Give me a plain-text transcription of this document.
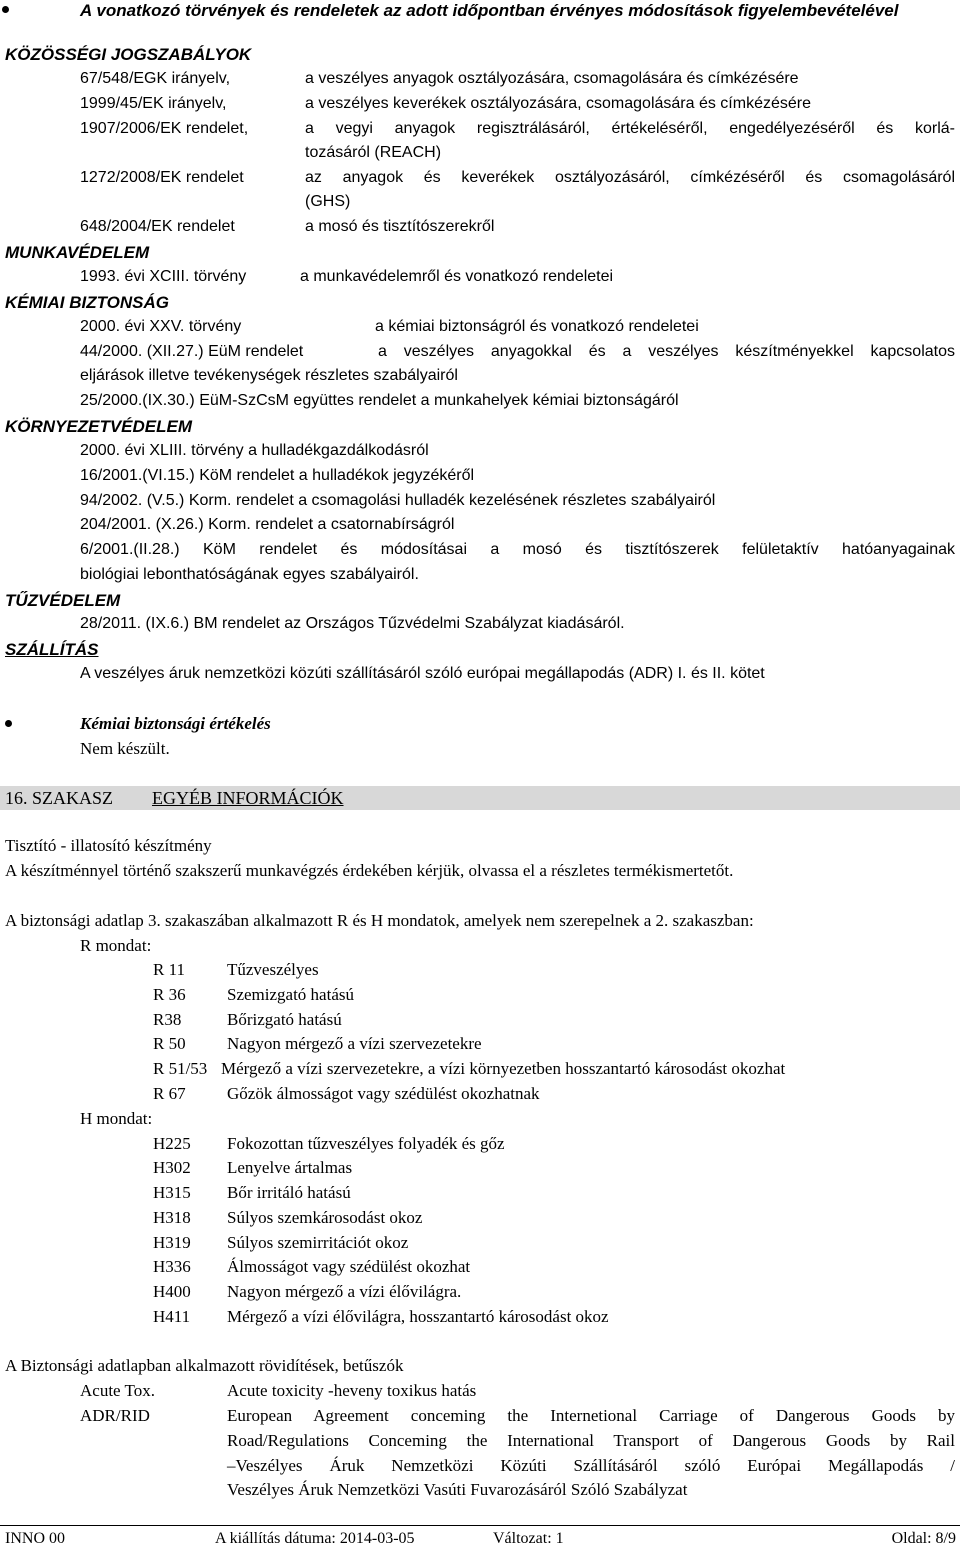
A vonatkozó törvények és rendeletek az adott időpontban érvényes módosítások figyelembevételével
KÖZÖSSÉGI JOGSZABÁLYOK
67/548/EGK irányelv,	a veszélyes anyagok osztályozására, csomagolására és címkézésére
1999/45/EK irányelv,	a veszélyes keverékek osztályozására, csomagolására és címkézésére
1907/2006/EK rendelet,	a vegyi anyagok regisztrálásáról, értékeléséről, engedélyezéséről és korlá-
tozásáról (REACH)
1272/2008/EK rendelet	az anyagok és keverékek osztályozásáról, címkézéséről és csomagolásáról
(GHS)
648/2004/EK rendelet	a mosó és tisztítószerekről
MUNKAVÉDELEM
1993. évi XCIII. törvény	a munkavédelemről és vonatkozó rendeletei
KÉMIAI BIZTONSÁG
2000. évi XXV. törvény	a kémiai biztonságról és vonatkozó rendeletei
44/2000. (XII.27.) EüM rendelet	a veszélyes anyagokkal és a veszélyes készítményekkel kapcsolatos
eljárások illetve tevékenységek részletes szabályairól
25/2000.(IX.30.) EüM-SzCsM együttes rendelet a munkahelyek kémiai biztonságáról
KÖRNYEZETVÉDELEM
2000. évi XLIII. törvény a hulladékgazdálkodásról
16/2001.(VI.15.) KöM rendelet a hulladékok jegyzékéről
94/2002. (V.5.) Korm. rendelet a csomagolási hulladék kezelésének részletes szabályairól
204/2001. (X.26.) Korm. rendelet a csatornabírságról
6/2001.(II.28.) KöM rendelet és módosításai a mosó és tisztítószerek felületaktív hatóanyagainak
biológiai lebonthatóságának egyes szabályairól.
TŰZVÉDELEM
28/2011. (IX.6.) BM rendelet az Országos Tűzvédelmi Szabályzat kiadásáról.
SZÁLLÍTÁS
A veszélyes áruk nemzetközi közúti szállításáról szóló európai megállapodás (ADR) I. és II. kötet
Kémiai biztonsági értékelés
Nem készült.
16. SZAKASZ EGYÉB INFORMÁCIÓK
Tisztító - illatosító készítmény
A készítménnyel történő szakszerű munkavégzés érdekében kérjük, olvassa el a részletes termékismertetőt.
A biztonsági adatlap 3. szakaszában alkalmazott R és H mondatok, amelyek nem szerepelnek a 2. szakaszban:
R mondat:
R 11 Tűzveszélyes
R 36 Szemizgató hatású
R38	Bőrizgató hatású
R 50 Nagyon mérgező a vízi szervezetekre
R 51/53 Mérgező a vízi szervezetekre, a vízi környezetben hosszantartó károsodást okozhat
R 67 Gőzök álmosságot vagy szédülést okozhatnak
H mondat:
H225 Fokozottan tűzveszélyes folyadék és gőz
H302 Lenyelve ártalmas
H315 Bőr irritáló hatású
H318 Súlyos szemkárosodást okoz
H319 Súlyos szemirritációt okoz
H336 Álmosságot vagy szédülést okozhat
H400 Nagyon mérgező a vízi élővilágra.
H411 Mérgező a vízi élővilágra, hosszantartó károsodást okoz
A Biztonsági adatlapban alkalmazott rövidítések, betűszók
Acute Tox.	Acute toxicity -heveny toxikus hatás
ADR/RID	European Agreement conceming the Internetional Carriage of Dangerous Goods by
Road/Regulations Conceming the International Transport of Dangerous Goods by Rail
–Veszélyes Áruk Nemzetközi Közúti Szállításáról szóló Európai Megállapodás /
Veszélyes Áruk Nemzetközi Vasúti Fuvarozásáról Szóló Szabályzat
INNO 00	A kiállítás dátuma: 2014-03-05	Változat: 1	Oldal: 8/9
